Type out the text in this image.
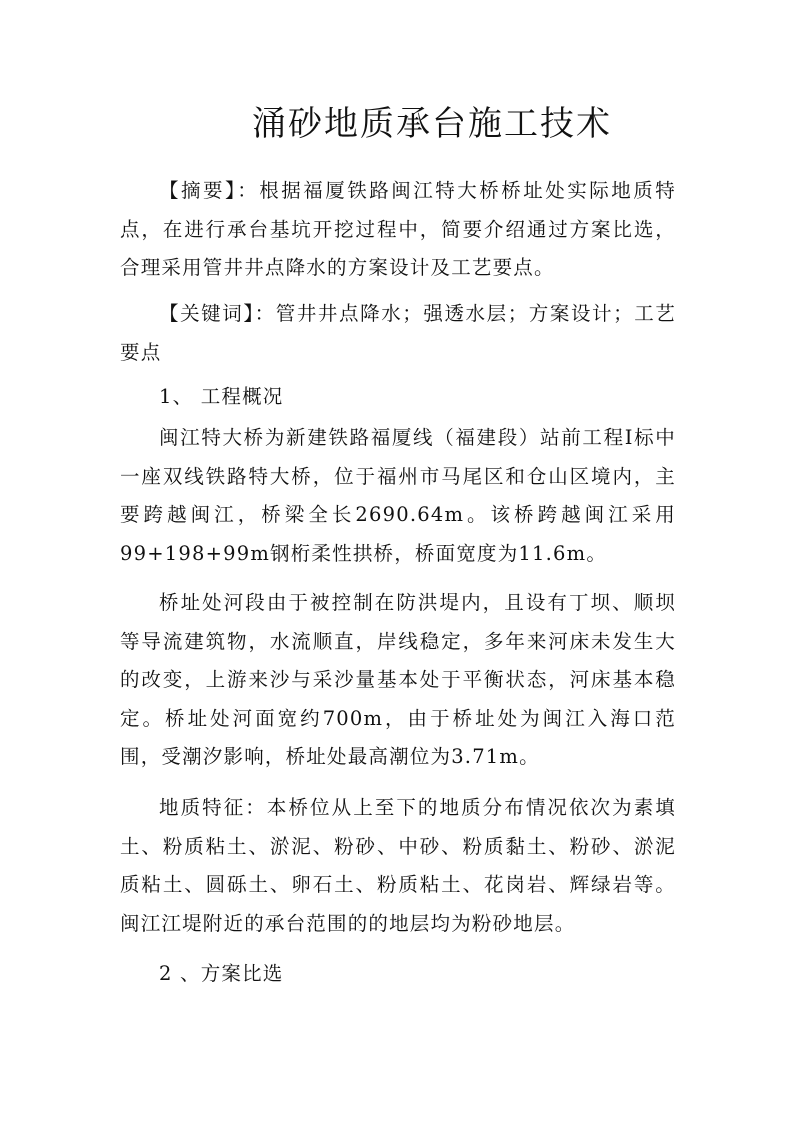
涌砂地质承台施工技术

【摘要】：根据福厦铁路闽江特大桥桥址处实际地质特点，在进行承台基坑开挖过程中，简要介绍通过方案比选，合理采用管井井点降水的方案设计及工艺要点。

【关键词】：管井井点降水；强透水层；方案设计；工艺要点

1、 工程概况

闽江特大桥为新建铁路福厦线（福建段）站前工程Ⅰ标中一座双线铁路特大桥，位于福州市马尾区和仓山区境内，主要跨越闽江，桥梁全长2690.64m。该桥跨越闽江采用99+198+99m钢桁柔性拱桥，桥面宽度为11.6m。

桥址处河段由于被控制在防洪堤内，且设有丁坝、顺坝等导流建筑物，水流顺直，岸线稳定，多年来河床未发生大的改变，上游来沙与采沙量基本处于平衡状态，河床基本稳定。桥址处河面宽约700m，由于桥址处为闽江入海口范围，受潮汐影响，桥址处最高潮位为3.71m。

地质特征：本桥位从上至下的地质分布情况依次为素填土、粉质粘土、淤泥、粉砂、中砂、粉质黏土、粉砂、淤泥质粘土、圆砾土、卵石土、粉质粘土、花岗岩、辉绿岩等。闽江江堤附近的承台范围的的地层均为粉砂地层。

2 、方案比选
